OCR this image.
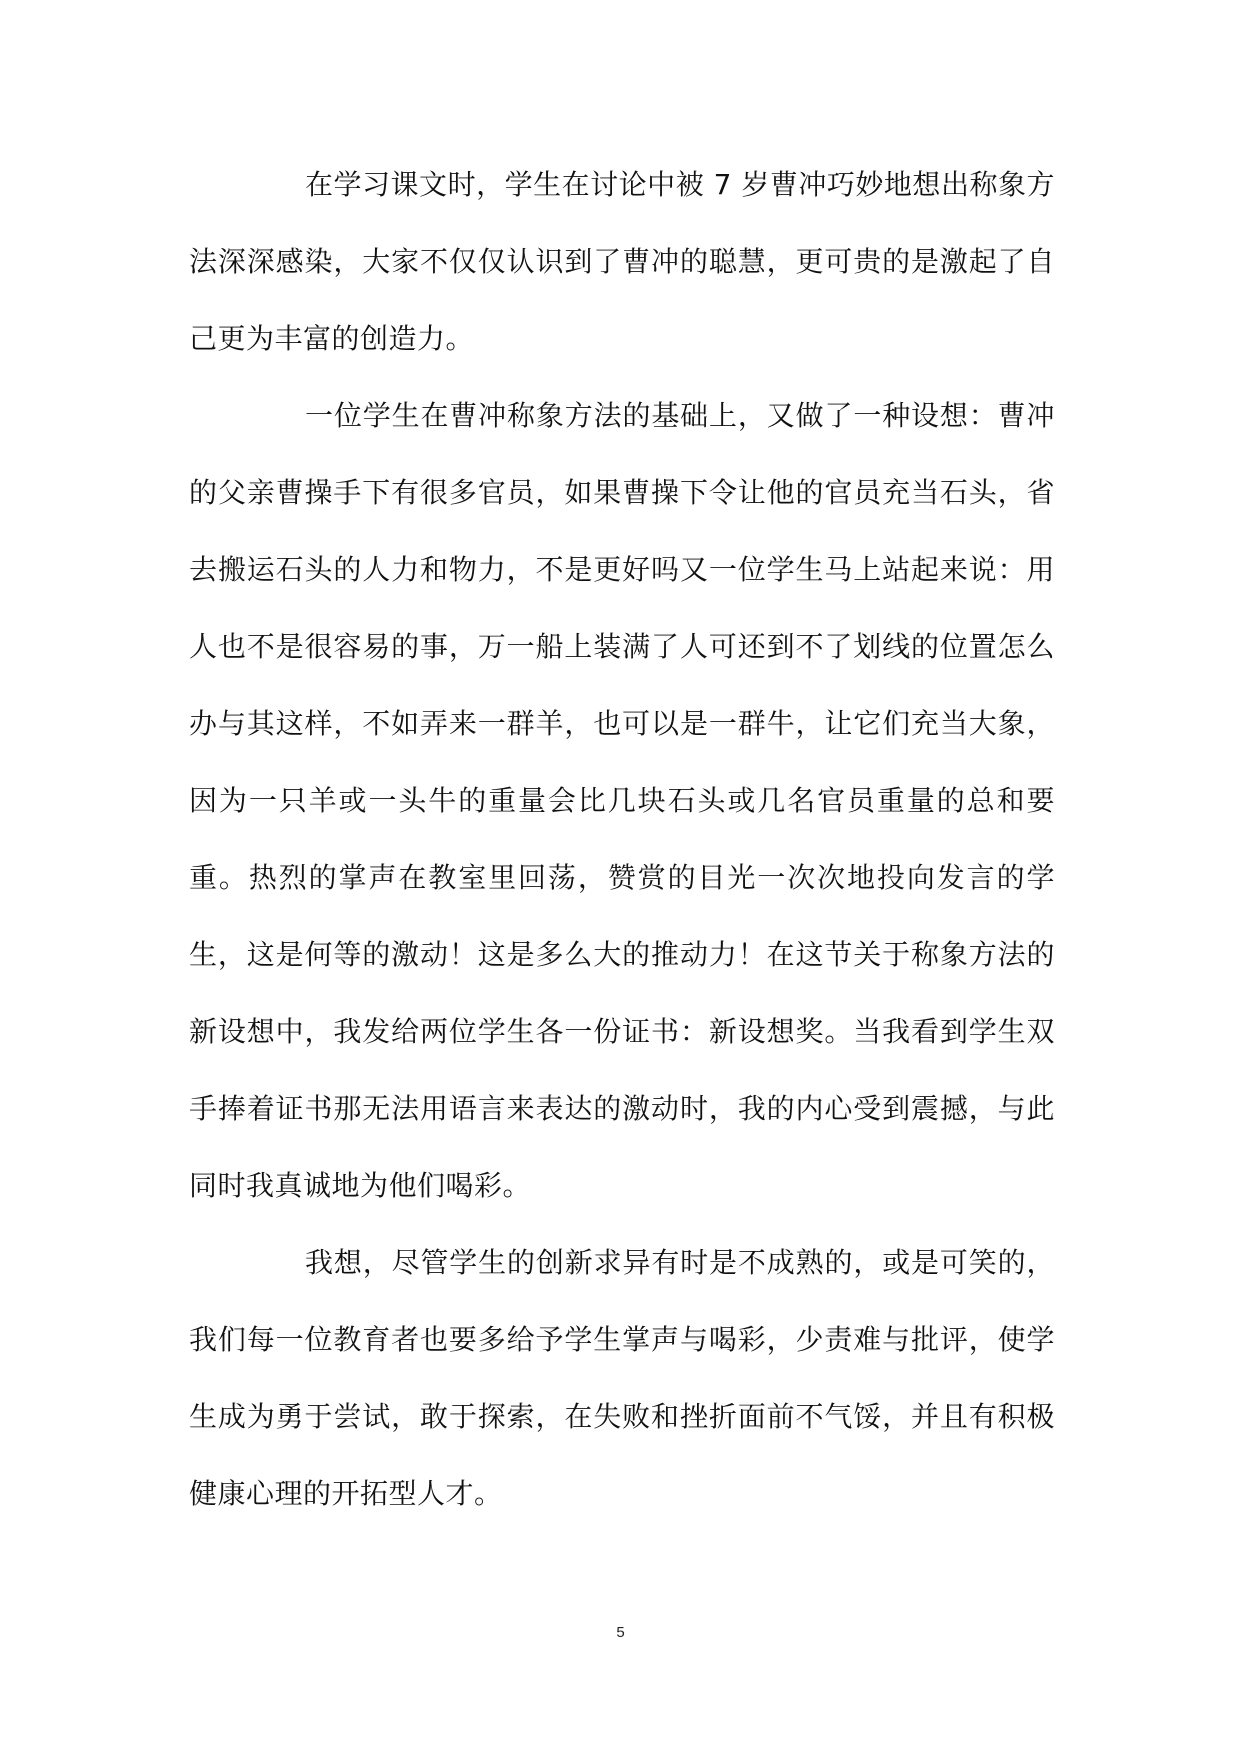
在学习课文时，学生在讨论中被 7 岁曹冲巧妙地想出称象方法深深感染，大家不仅仅认识到了曹冲的聪慧，更可贵的是激起了自己更为丰富的创造力。

一位学生在曹冲称象方法的基础上，又做了一种设想：曹冲的父亲曹操手下有很多官员，如果曹操下令让他的官员充当石头，省去搬运石头的人力和物力，不是更好吗又一位学生马上站起来说：用人也不是很容易的事，万一船上装满了人可还到不了划线的位置怎么办与其这样，不如弄来一群羊，也可以是一群牛，让它们充当大象，因为一只羊或一头牛的重量会比几块石头或几名官员重量的总和要重。热烈的掌声在教室里回荡，赞赏的目光一次次地投向发言的学生，这是何等的激动！这是多么大的推动力！在这节关于称象方法的新设想中，我发给两位学生各一份证书：新设想奖。当我看到学生双手捧着证书那无法用语言来表达的激动时，我的内心受到震撼，与此同时我真诚地为他们喝彩。

我想，尽管学生的创新求异有时是不成熟的，或是可笑的，我们每一位教育者也要多给予学生掌声与喝彩，少责难与批评，使学生成为勇于尝试，敢于探索，在失败和挫折面前不气馁，并且有积极健康心理的开拓型人才。

5
